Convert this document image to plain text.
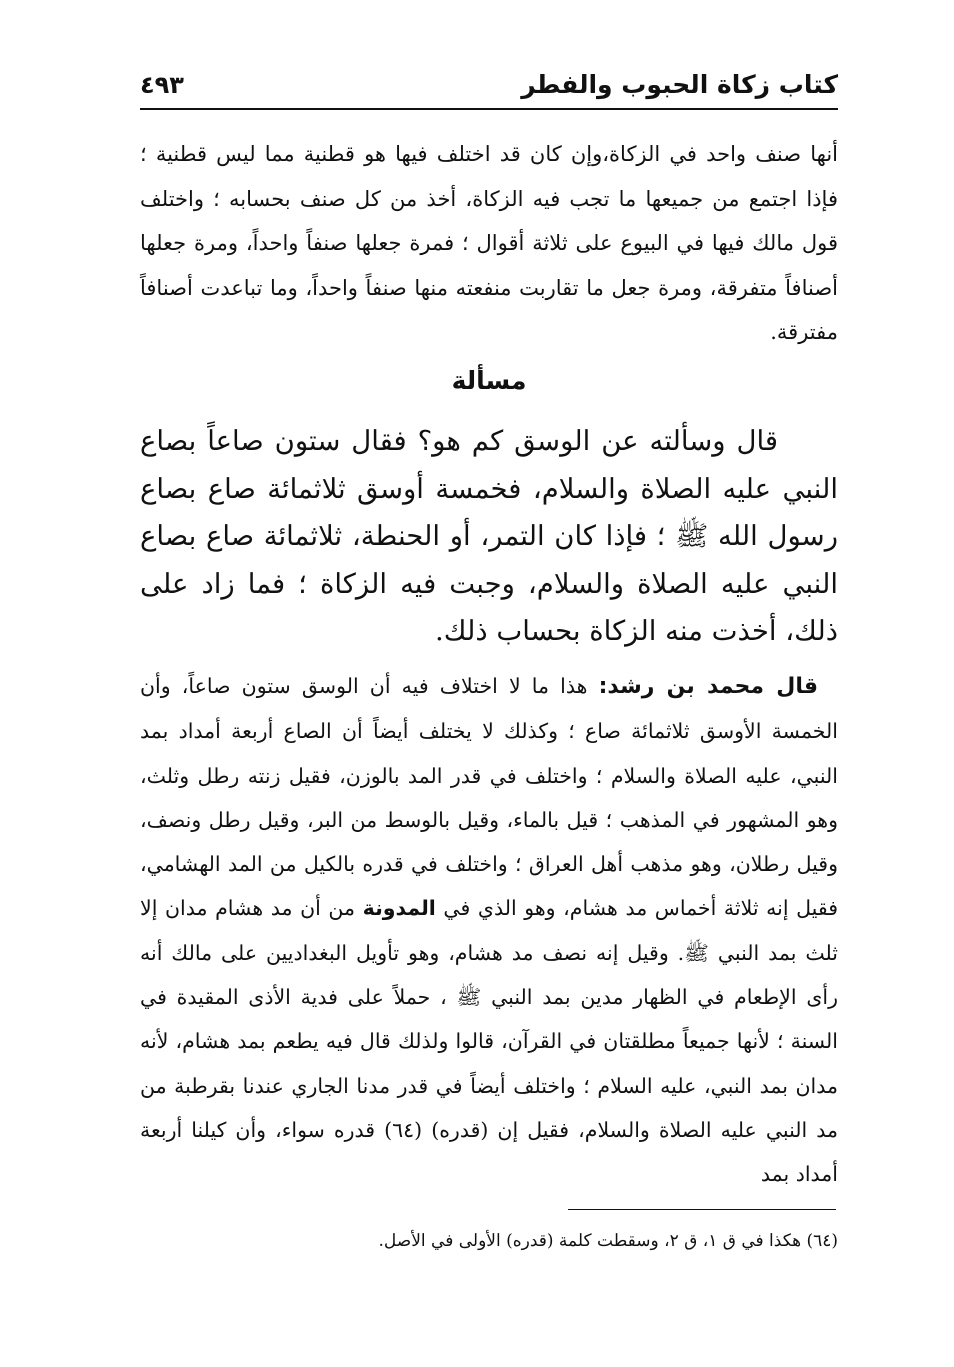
كتاب زكاة الحبوب والفطر
٤٩٣

أنها صنف واحد في الزكاة،وإن كان قد اختلف فيها هو قطنية مما ليس قطنية ؛ فإذا اجتمع من جميعها ما تجب فيه الزكاة، أخذ من كل صنف بحسابه ؛ واختلف قول مالك فيها في البيوع على ثلاثة أقوال ؛ فمرة جعلها صنفاً واحداً، ومرة جعلها أصنافاً متفرقة، ومرة جعل ما تقاربت منفعته منها صنفاً واحداً، وما تباعدت أصنافاً مفترقة.

مسألة

قال وسألته عن الوسق كم هو؟ فقال ستون صاعاً بصاع النبي عليه الصلاة والسلام، فخمسة أوسق ثلاثمائة صاع بصاع رسول الله ﷺ ؛ فإذا كان التمر، أو الحنطة، ثلاثمائة صاع بصاع النبي عليه الصلاة والسلام، وجبت فيه الزكاة ؛ فما زاد على ذلك، أخذت منه الزكاة بحساب ذلك.

قال محمد بن رشد: هذا ما لا اختلاف فيه أن الوسق ستون صاعاً، وأن الخمسة الأوسق ثلاثمائة صاع ؛ وكذلك لا يختلف أيضاً أن الصاع أربعة أمداد بمد النبي، عليه الصلاة والسلام ؛ واختلف في قدر المد بالوزن، فقيل زنته رطل وثلث، وهو المشهور في المذهب ؛ قيل بالماء، وقيل بالوسط من البر، وقيل رطل ونصف، وقيل رطلان، وهو مذهب أهل العراق ؛ واختلف في قدره بالكيل من المد الهشامي، فقيل إنه ثلاثة أخماس مد هشام، وهو الذي في المدونة من أن مد هشام مدان إلا ثلث بمد النبي ﷺ. وقيل إنه نصف مد هشام، وهو تأويل البغداديين على مالك أنه رأى الإطعام في الظهار مدين بمد النبي ﷺ ، حملاً على فدية الأذى المقيدة في السنة ؛ لأنها جميعاً مطلقتان في القرآن، قالوا ولذلك قال فيه يطعم بمد هشام، لأنه مدان بمد النبي، عليه السلام ؛ واختلف أيضاً في قدر مدنا الجاري عندنا بقرطبة من مد النبي عليه الصلاة والسلام، فقيل إن (قدره) (٦٤) قدره سواء، وأن كيلنا أربعة أمداد بمد

(٦٤) هكذا في ق ١، ق ٢، وسقطت كلمة (قدره) الأولى في الأصل.
